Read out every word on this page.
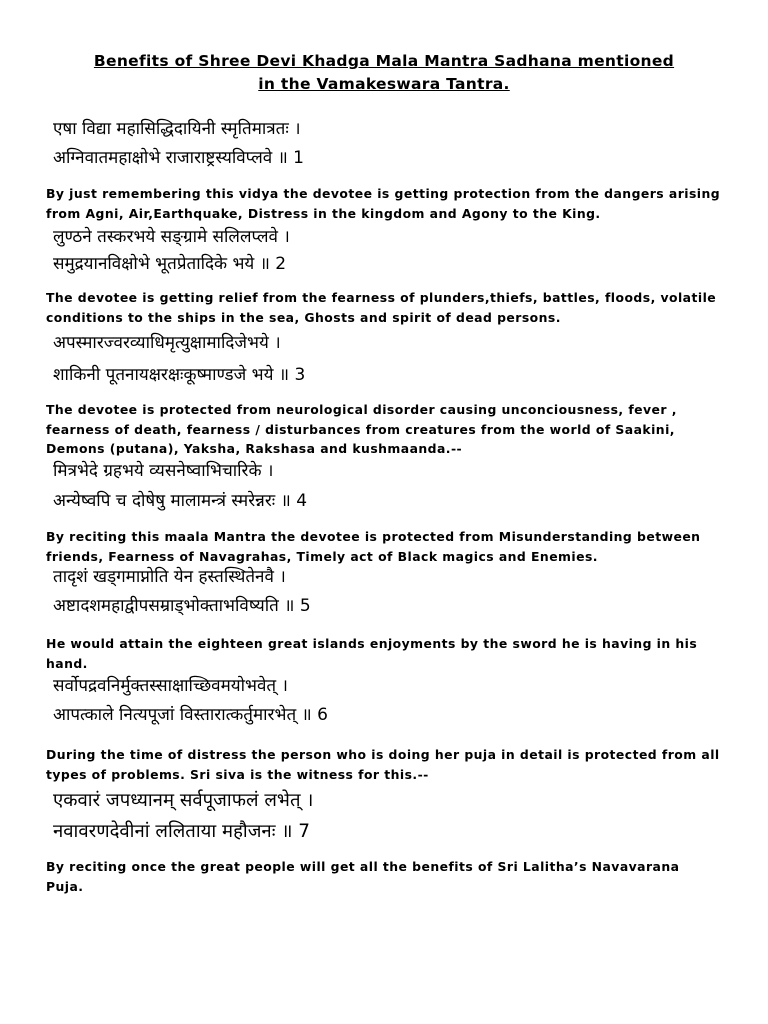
Benefits of Shree Devi Khadga Mala Mantra Sadhana mentioned
in the Vamakeswara Tantra.
एषा विद्या महासिद्धिदायिनी स्मृतिमात्रतः ।
अग्निवातमहाक्षोभे राजाराष्ट्रस्यविप्लवे ॥ 1
By just remembering this vidya the devotee is getting protection from the dangers arising
from Agni, Air,Earthquake, Distress in the kingdom and Agony to the King.
लुण्ठने तस्करभये सङ्ग्रामे सलिलप्लवे ।
समुद्रयानविक्षोभे भूतप्रेतादिके भये ॥ 2
The devotee is getting relief from the fearness of plunders,thiefs, battles, floods, volatile
conditions to the ships in the sea, Ghosts and spirit of dead persons.
अपस्मारज्वरव्याधिमृत्युक्षामादिजेभये ।
शाकिनी पूतनायक्षरक्षःकूष्माण्डजे भये ॥ 3
The devotee is protected from neurological disorder causing unconciousness, fever ,
fearness of death, fearness / disturbances from creatures from the world of Saakini,
Demons (putana), Yaksha, Rakshasa and kushmaanda.--
मित्रभेदे ग्रहभये व्यसनेष्वाभिचारिके ।
अन्येष्वपि च दोषेषु मालामन्त्रं स्मरेन्नरः ॥ 4
By reciting this maala Mantra the devotee is protected from Misunderstanding between
friends, Fearness of Navagrahas, Timely act of Black magics and Enemies.
तादृशं खड्गमाप्नोति येन हस्तस्थितेनवै ।
अष्टादशमहाद्वीपसम्राड्भोक्ताभविष्यति ॥ 5
He would attain the eighteen great islands enjoyments by the sword he is having in his
hand.
सर्वोपद्रवनिर्मुक्तस्साक्षाच्छिवमयोभवेत् ।
आपत्काले नित्यपूजां विस्तारात्कर्तुमारभेत् ॥ 6
During the time of distress the person who is doing her puja in detail is protected from all
types of problems. Sri siva is the witness for this.--
एकवारं जपध्यानम् सर्वपूजाफलं लभेत् ।
नवावरणदेवीनां ललिताया महौजनः ॥ 7
By reciting once the great people will get all the benefits of Sri Lalitha’s Navavarana
Puja.
